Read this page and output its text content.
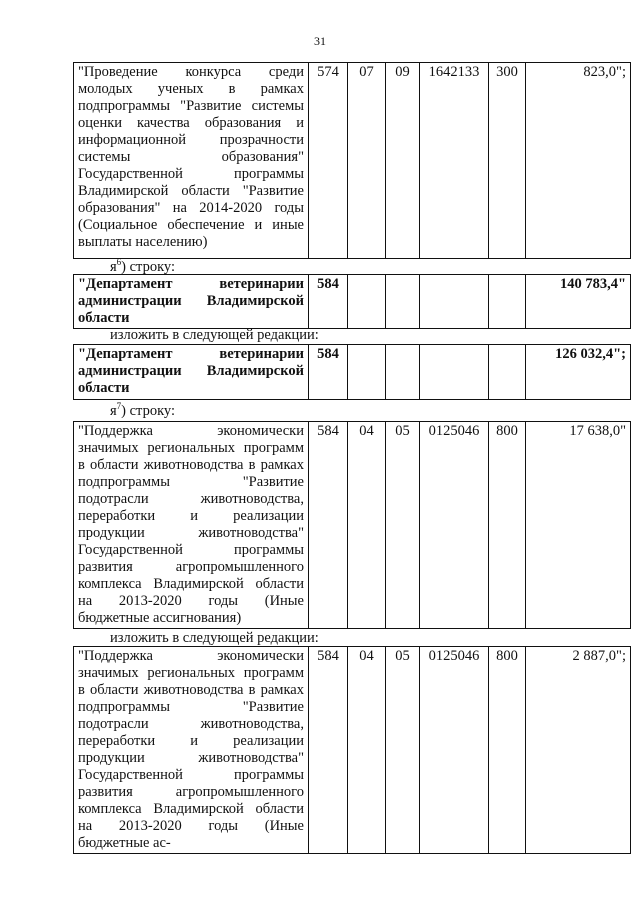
31
"Проведение конкурса среди молодых ученых в рамках подпрограммы "Развитие системы оценки качества образования и информационной прозрачности системы образования" Государственной программы Владимирской области "Развитие образования" на 2014-2020 годы (Социальное обеспечение и иные выплаты населению)	574	07	09	1642133	300	823,0";
$я^6$) строку:
"Департамент ветеринарии администрации Владимирской области	584					140 783,4"
излoжить в следующей редакции:
"Департамент ветеринарии администрации Владимирской области	584					126 032,4";
$я^7$) строку:
"Поддержка экономически значимых региональных программ в области животноводства в рамках подпрограммы "Развитие подотрасли животноводства, переработки и реализации продукции животноводства" Государственной программы развития агропромышленного комплекса Владимирской области на 2013-2020 годы (Иные бюджетные ассигнования)	584	04	05	0125046	800	17 638,0"
излoжить в следующей редакции:
"Поддержка экономически значимых региональных программ в области животноводства в рамках подпрограммы "Развитие подотрасли животноводства, переработки и реализации продукции животноводства" Государственной программы развития агропромышленного комплекса Владимирской области на 2013-2020 годы (Иные бюджетные ас-	584	04	05	0125046	800	2 887,0";
